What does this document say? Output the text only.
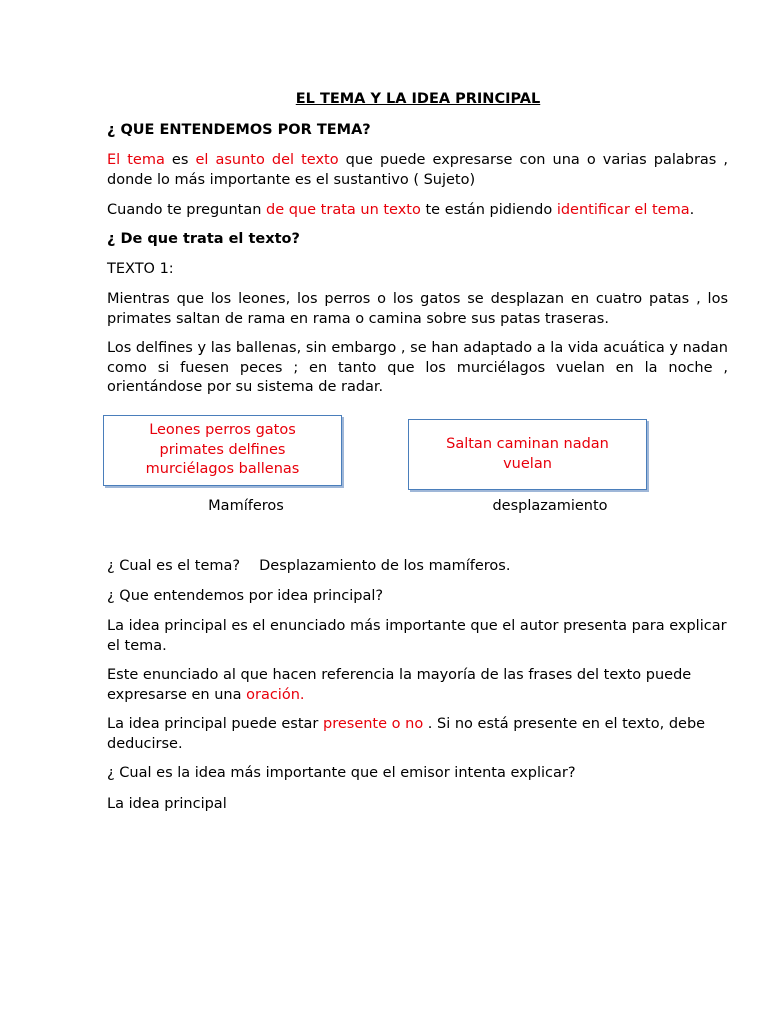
EL TEMA Y LA IDEA PRINCIPAL

¿ QUE ENTENDEMOS POR TEMA?

El tema es el asunto del texto que puede expresarse con una o varias palabras , donde lo más importante es el sustantivo ( Sujeto)

Cuando te preguntan de que trata un texto te están pidiendo identificar el tema.

¿ De que trata el texto?

TEXTO 1:

Mientras que los leones, los perros o los gatos se desplazan en cuatro patas , los primates saltan de rama en rama o camina sobre sus patas traseras.

Los delfines y las ballenas, sin embargo , se han adaptado a la vida acuática y nadan como si fuesen peces ; en tanto que los murciélagos vuelan en la noche , orientándose por su sistema de radar.

Leones perros gatos
primates delfines
murciélagos ballenas
Saltan caminan nadan
vuelan
Mamíferos	desplazamiento

¿ Cual es el tema? Desplazamiento de los mamíferos.

¿ Que entendemos por idea principal?

La idea principal es el enunciado más importante que el autor presenta para explicar el tema.

Este enunciado al que hacen referencia la mayoría de las frases del texto puede expresarse en una oración.

La idea principal puede estar presente o no . Si no está presente en el texto, debe deducirse.

¿ Cual es la idea más importante que el emisor intenta explicar?

La idea principal
